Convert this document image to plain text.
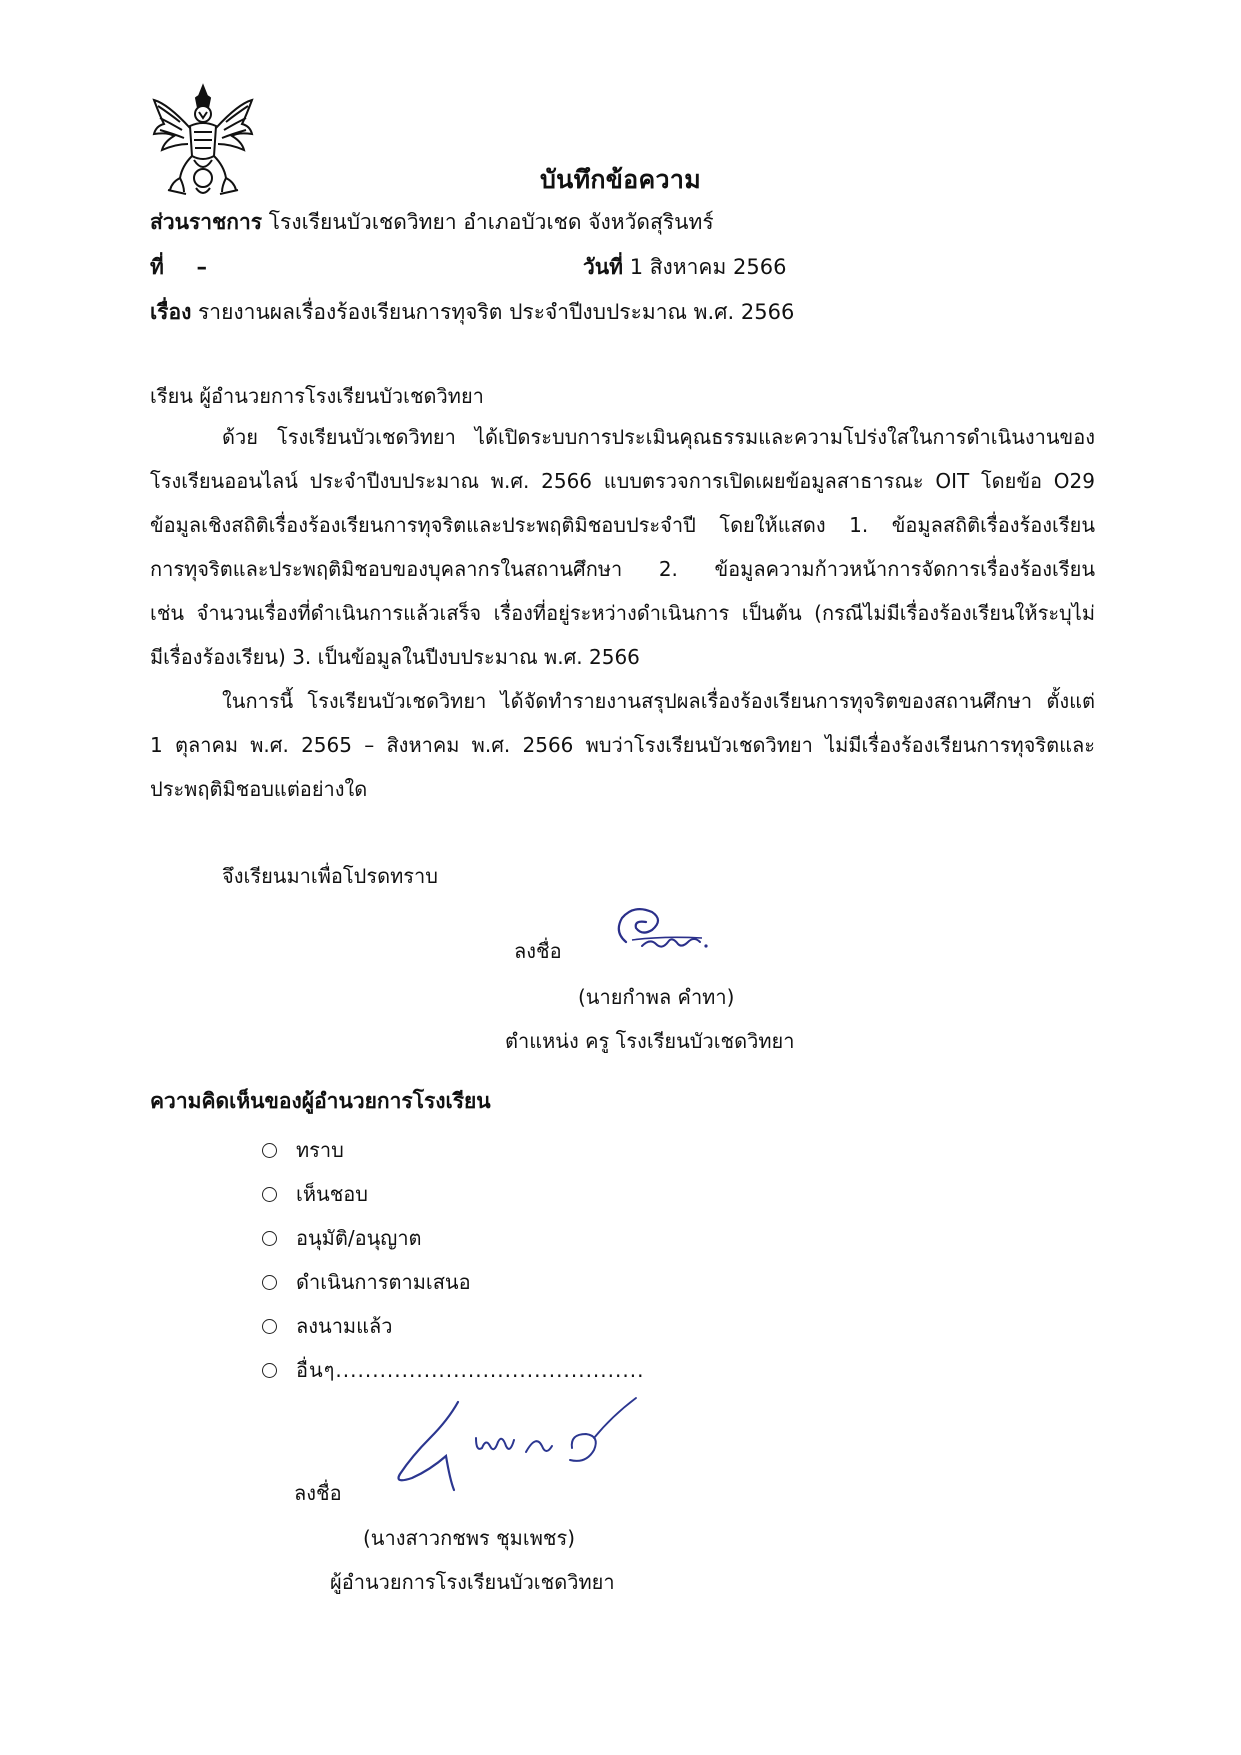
บันทึกข้อความ
ส่วนราชการ โรงเรียนบัวเชดวิทยา อำเภอบัวเชด จังหวัดสุรินทร์
ที่ –	วันที่ 1 สิงหาคม 2566
เรื่อง รายงานผลเรื่องร้องเรียนการทุจริต ประจำปีงบประมาณ พ.ศ. 2566
เรียน ผู้อำนวยการโรงเรียนบัวเชดวิทยา
ด้วย โรงเรียนบัวเชดวิทยา ได้เปิดระบบการประเมินคุณธรรมและความโปร่งใสในการดำเนินงานของ
โรงเรียนออนไลน์ ประจำปีงบประมาณ พ.ศ. 2566 แบบตรวจการเปิดเผยข้อมูลสาธารณะ OIT โดยข้อ O29
ข้อมูลเชิงสถิติเรื่องร้องเรียนการทุจริตและประพฤติมิชอบประจำปี โดยให้แสดง 1. ข้อมูลสถิติเรื่องร้องเรียน
การทุจริตและประพฤติมิชอบของบุคลากรในสถานศึกษา 2. ข้อมูลความก้าวหน้าการจัดการเรื่องร้องเรียน
เช่น จำนวนเรื่องที่ดำเนินการแล้วเสร็จ เรื่องที่อยู่ระหว่างดำเนินการ เป็นต้น (กรณีไม่มีเรื่องร้องเรียนให้ระบุไม่
มีเรื่องร้องเรียน) 3. เป็นข้อมูลในปีงบประมาณ พ.ศ. 2566
ในการนี้ โรงเรียนบัวเชดวิทยา ได้จัดทำรายงานสรุปผลเรื่องร้องเรียนการทุจริตของสถานศึกษา ตั้งแต่
1 ตุลาคม พ.ศ. 2565 – สิงหาคม พ.ศ. 2566 พบว่าโรงเรียนบัวเชดวิทยา ไม่มีเรื่องร้องเรียนการทุจริตและ
ประพฤติมิชอบแต่อย่างใด
จึงเรียนมาเพื่อโปรดทราบ
ลงชื่อ
(นายกำพล คำทา)
ตำแหน่ง ครู โรงเรียนบัวเชดวิทยา
ความคิดเห็นของผู้อำนวยการโรงเรียน
ทราบ
เห็นชอบ
อนุมัติ/อนุญาต
ดำเนินการตามเสนอ
ลงนามแล้ว
อื่นๆ..........................................
ลงชื่อ
(นางสาวกชพร ชุมเพชร)
ผู้อำนวยการโรงเรียนบัวเชดวิทยา
